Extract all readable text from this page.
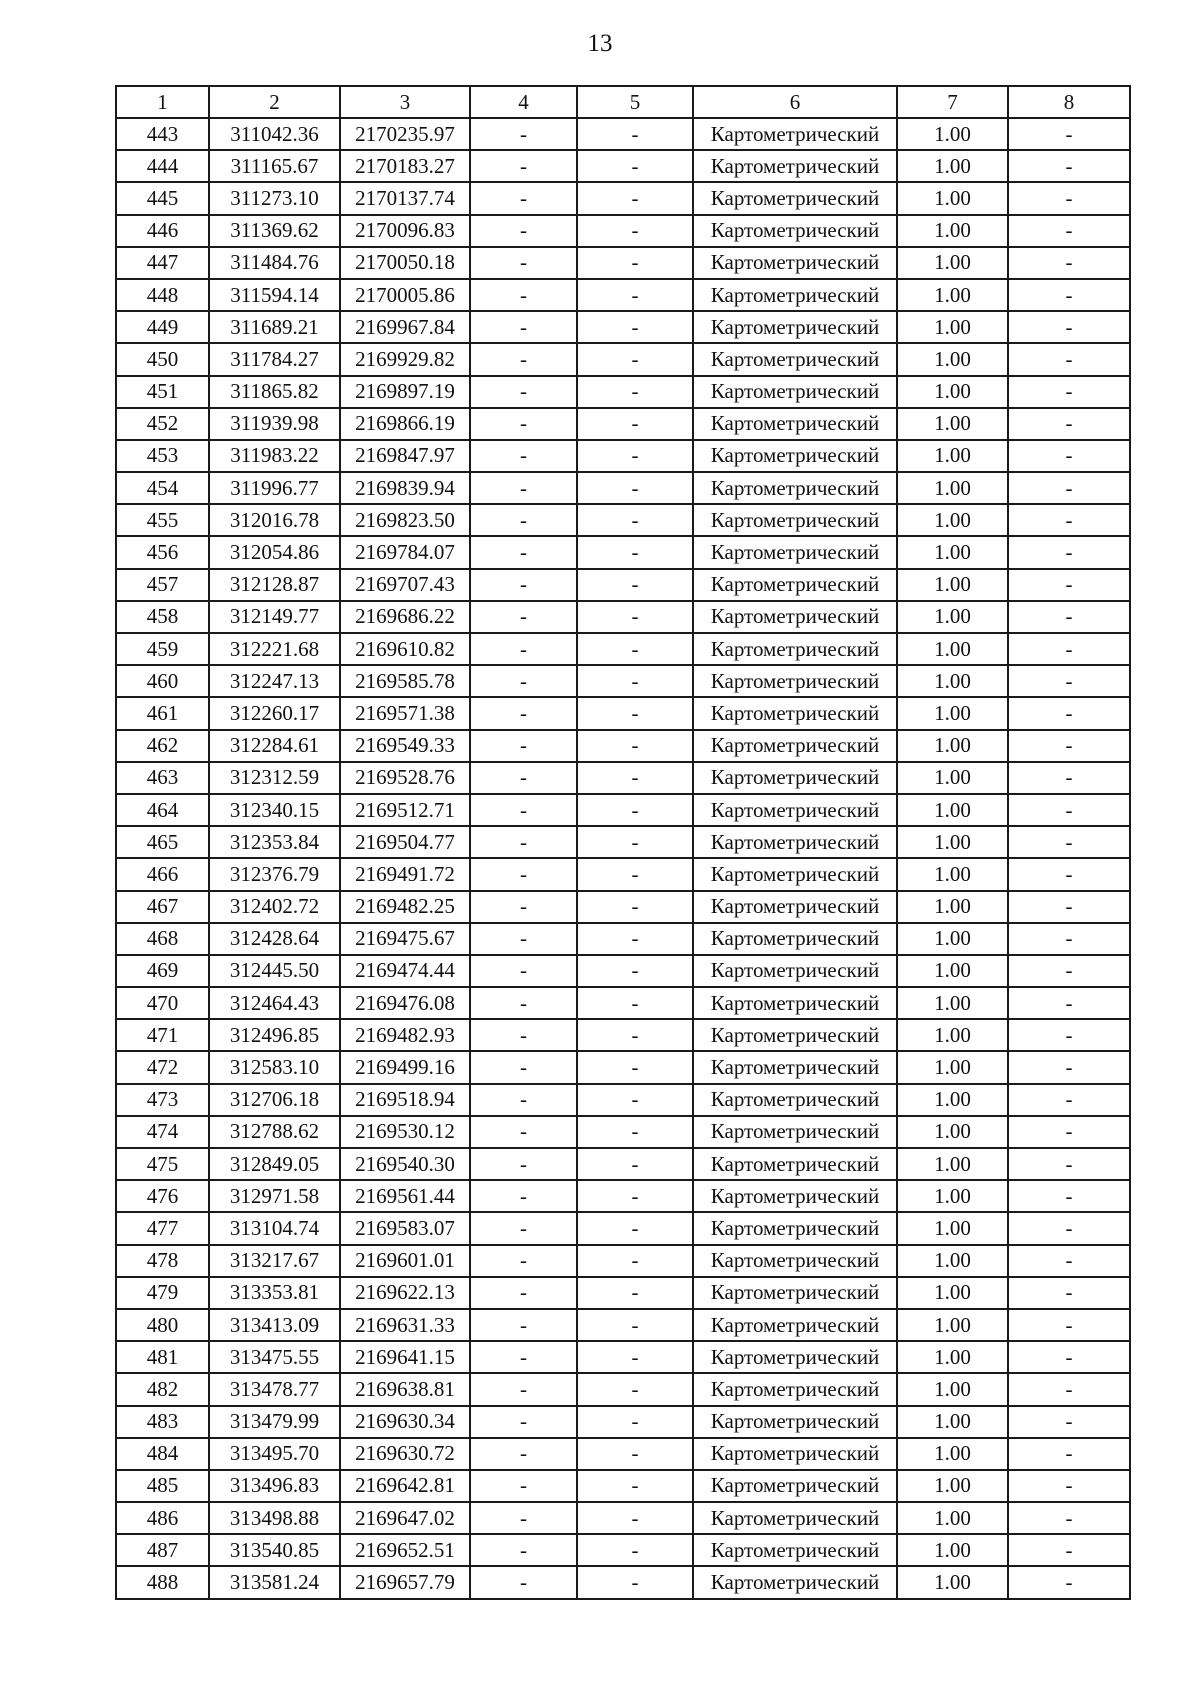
13
1	2	3	4	5	6	7	8
443	311042.36	2170235.97	-	-	Картометрический	1.00	-
444	311165.67	2170183.27	-	-	Картометрический	1.00	-
445	311273.10	2170137.74	-	-	Картометрический	1.00	-
446	311369.62	2170096.83	-	-	Картометрический	1.00	-
447	311484.76	2170050.18	-	-	Картометрический	1.00	-
448	311594.14	2170005.86	-	-	Картометрический	1.00	-
449	311689.21	2169967.84	-	-	Картометрический	1.00	-
450	311784.27	2169929.82	-	-	Картометрический	1.00	-
451	311865.82	2169897.19	-	-	Картометрический	1.00	-
452	311939.98	2169866.19	-	-	Картометрический	1.00	-
453	311983.22	2169847.97	-	-	Картометрический	1.00	-
454	311996.77	2169839.94	-	-	Картометрический	1.00	-
455	312016.78	2169823.50	-	-	Картометрический	1.00	-
456	312054.86	2169784.07	-	-	Картометрический	1.00	-
457	312128.87	2169707.43	-	-	Картометрический	1.00	-
458	312149.77	2169686.22	-	-	Картометрический	1.00	-
459	312221.68	2169610.82	-	-	Картометрический	1.00	-
460	312247.13	2169585.78	-	-	Картометрический	1.00	-
461	312260.17	2169571.38	-	-	Картометрический	1.00	-
462	312284.61	2169549.33	-	-	Картометрический	1.00	-
463	312312.59	2169528.76	-	-	Картометрический	1.00	-
464	312340.15	2169512.71	-	-	Картометрический	1.00	-
465	312353.84	2169504.77	-	-	Картометрический	1.00	-
466	312376.79	2169491.72	-	-	Картометрический	1.00	-
467	312402.72	2169482.25	-	-	Картометрический	1.00	-
468	312428.64	2169475.67	-	-	Картометрический	1.00	-
469	312445.50	2169474.44	-	-	Картометрический	1.00	-
470	312464.43	2169476.08	-	-	Картометрический	1.00	-
471	312496.85	2169482.93	-	-	Картометрический	1.00	-
472	312583.10	2169499.16	-	-	Картометрический	1.00	-
473	312706.18	2169518.94	-	-	Картометрический	1.00	-
474	312788.62	2169530.12	-	-	Картометрический	1.00	-
475	312849.05	2169540.30	-	-	Картометрический	1.00	-
476	312971.58	2169561.44	-	-	Картометрический	1.00	-
477	313104.74	2169583.07	-	-	Картометрический	1.00	-
478	313217.67	2169601.01	-	-	Картометрический	1.00	-
479	313353.81	2169622.13	-	-	Картометрический	1.00	-
480	313413.09	2169631.33	-	-	Картометрический	1.00	-
481	313475.55	2169641.15	-	-	Картометрический	1.00	-
482	313478.77	2169638.81	-	-	Картометрический	1.00	-
483	313479.99	2169630.34	-	-	Картометрический	1.00	-
484	313495.70	2169630.72	-	-	Картометрический	1.00	-
485	313496.83	2169642.81	-	-	Картометрический	1.00	-
486	313498.88	2169647.02	-	-	Картометрический	1.00	-
487	313540.85	2169652.51	-	-	Картометрический	1.00	-
488	313581.24	2169657.79	-	-	Картометрический	1.00	-
